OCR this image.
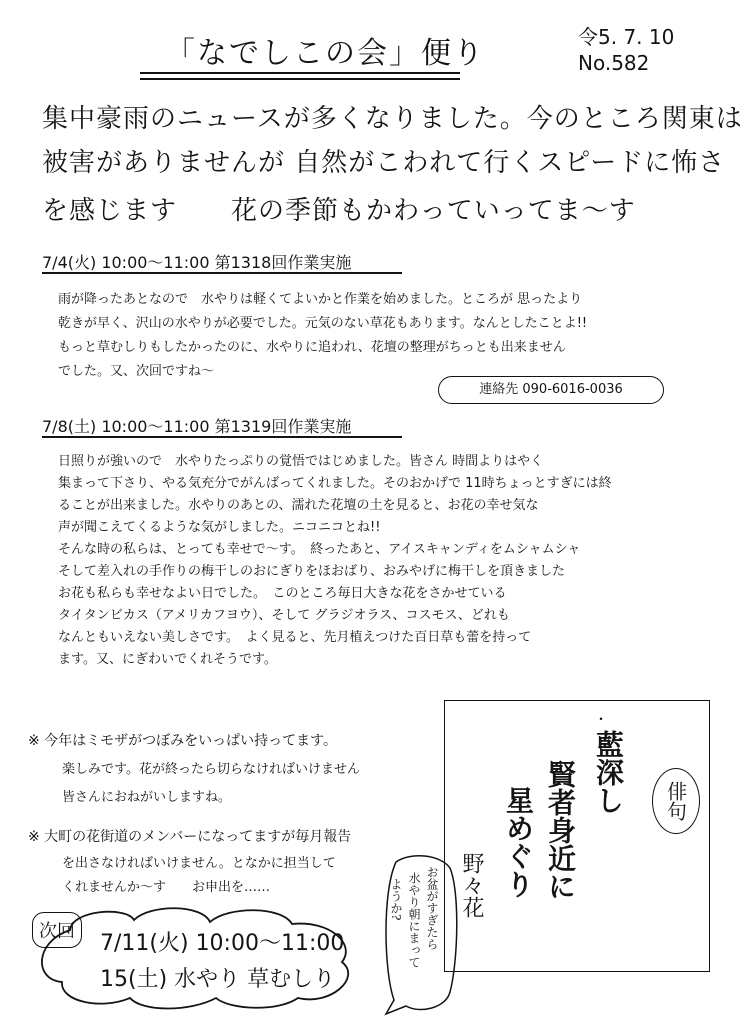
「なでしこの会」便り	令5. 7. 10
No.582
集中豪雨のニュースが多くなりました。今のところ関東は
被害がありませんが 自然がこわれて行くスピードに怖さ
を感じます　　花の季節もかわっていってま〜す
7/4(火) 10:00〜11:00 第1318回作業実施
雨が降ったあとなので　水やりは軽くてよいかと作業を始めました。ところが 思ったより
乾きが早く、沢山の水やりが必要でした。元気のない草花もあります。なんとしたことよ!!
もっと草むしりもしたかったのに、水やりに追われ、花壇の整理がちっとも出来ません
でした。又、次回ですね〜
連絡先 090-6016-0036
7/8(土) 10:00〜11:00 第1319回作業実施
日照りが強いので　水やりたっぷりの覚悟ではじめました。皆さん 時間よりはやく
集まって下さり、やる気充分でがんばってくれました。そのおかげで 11時ちょっとすぎには終
ることが出来ました。水やりのあとの、濡れた花壇の土を見ると、お花の幸せ気な
声が聞こえてくるような気がしました。ニコニコとね!!
そんな時の私らは、とっても幸せで〜す。　終ったあと、アイスキャンディをムシャムシャ
そして差入れの手作りの梅干しのおにぎりをほおばり、おみやげに梅干しを頂きました
お花も私らも幸せなよい日でした。　このところ毎日大きな花をさかせている
タイタンビカス（アメリカフヨウ）、そして グラジオラス、コスモス、どれも
なんともいえない美しさです。　よく見ると、先月植えつけた百日草も蕾を持って
ます。又、にぎわいでくれそうです。
※ 今年はミモザがつぼみをいっぱい持ってます。
楽しみです。花が終ったら切らなければいけません
皆さんにおねがいしますね。
※ 大町の花街道のメンバーになってますが毎月報告
を出さなければいけません。となかに担当して
くれませんか〜す　　お申出を……
・
藍深し
賢者身近に
星めぐり
野々花
俳句
次回	7/11(火) 10:00〜11:00
15(土) 水やり 草むしり
お盆がすぎたら
水やり朝にまって
ようか?
